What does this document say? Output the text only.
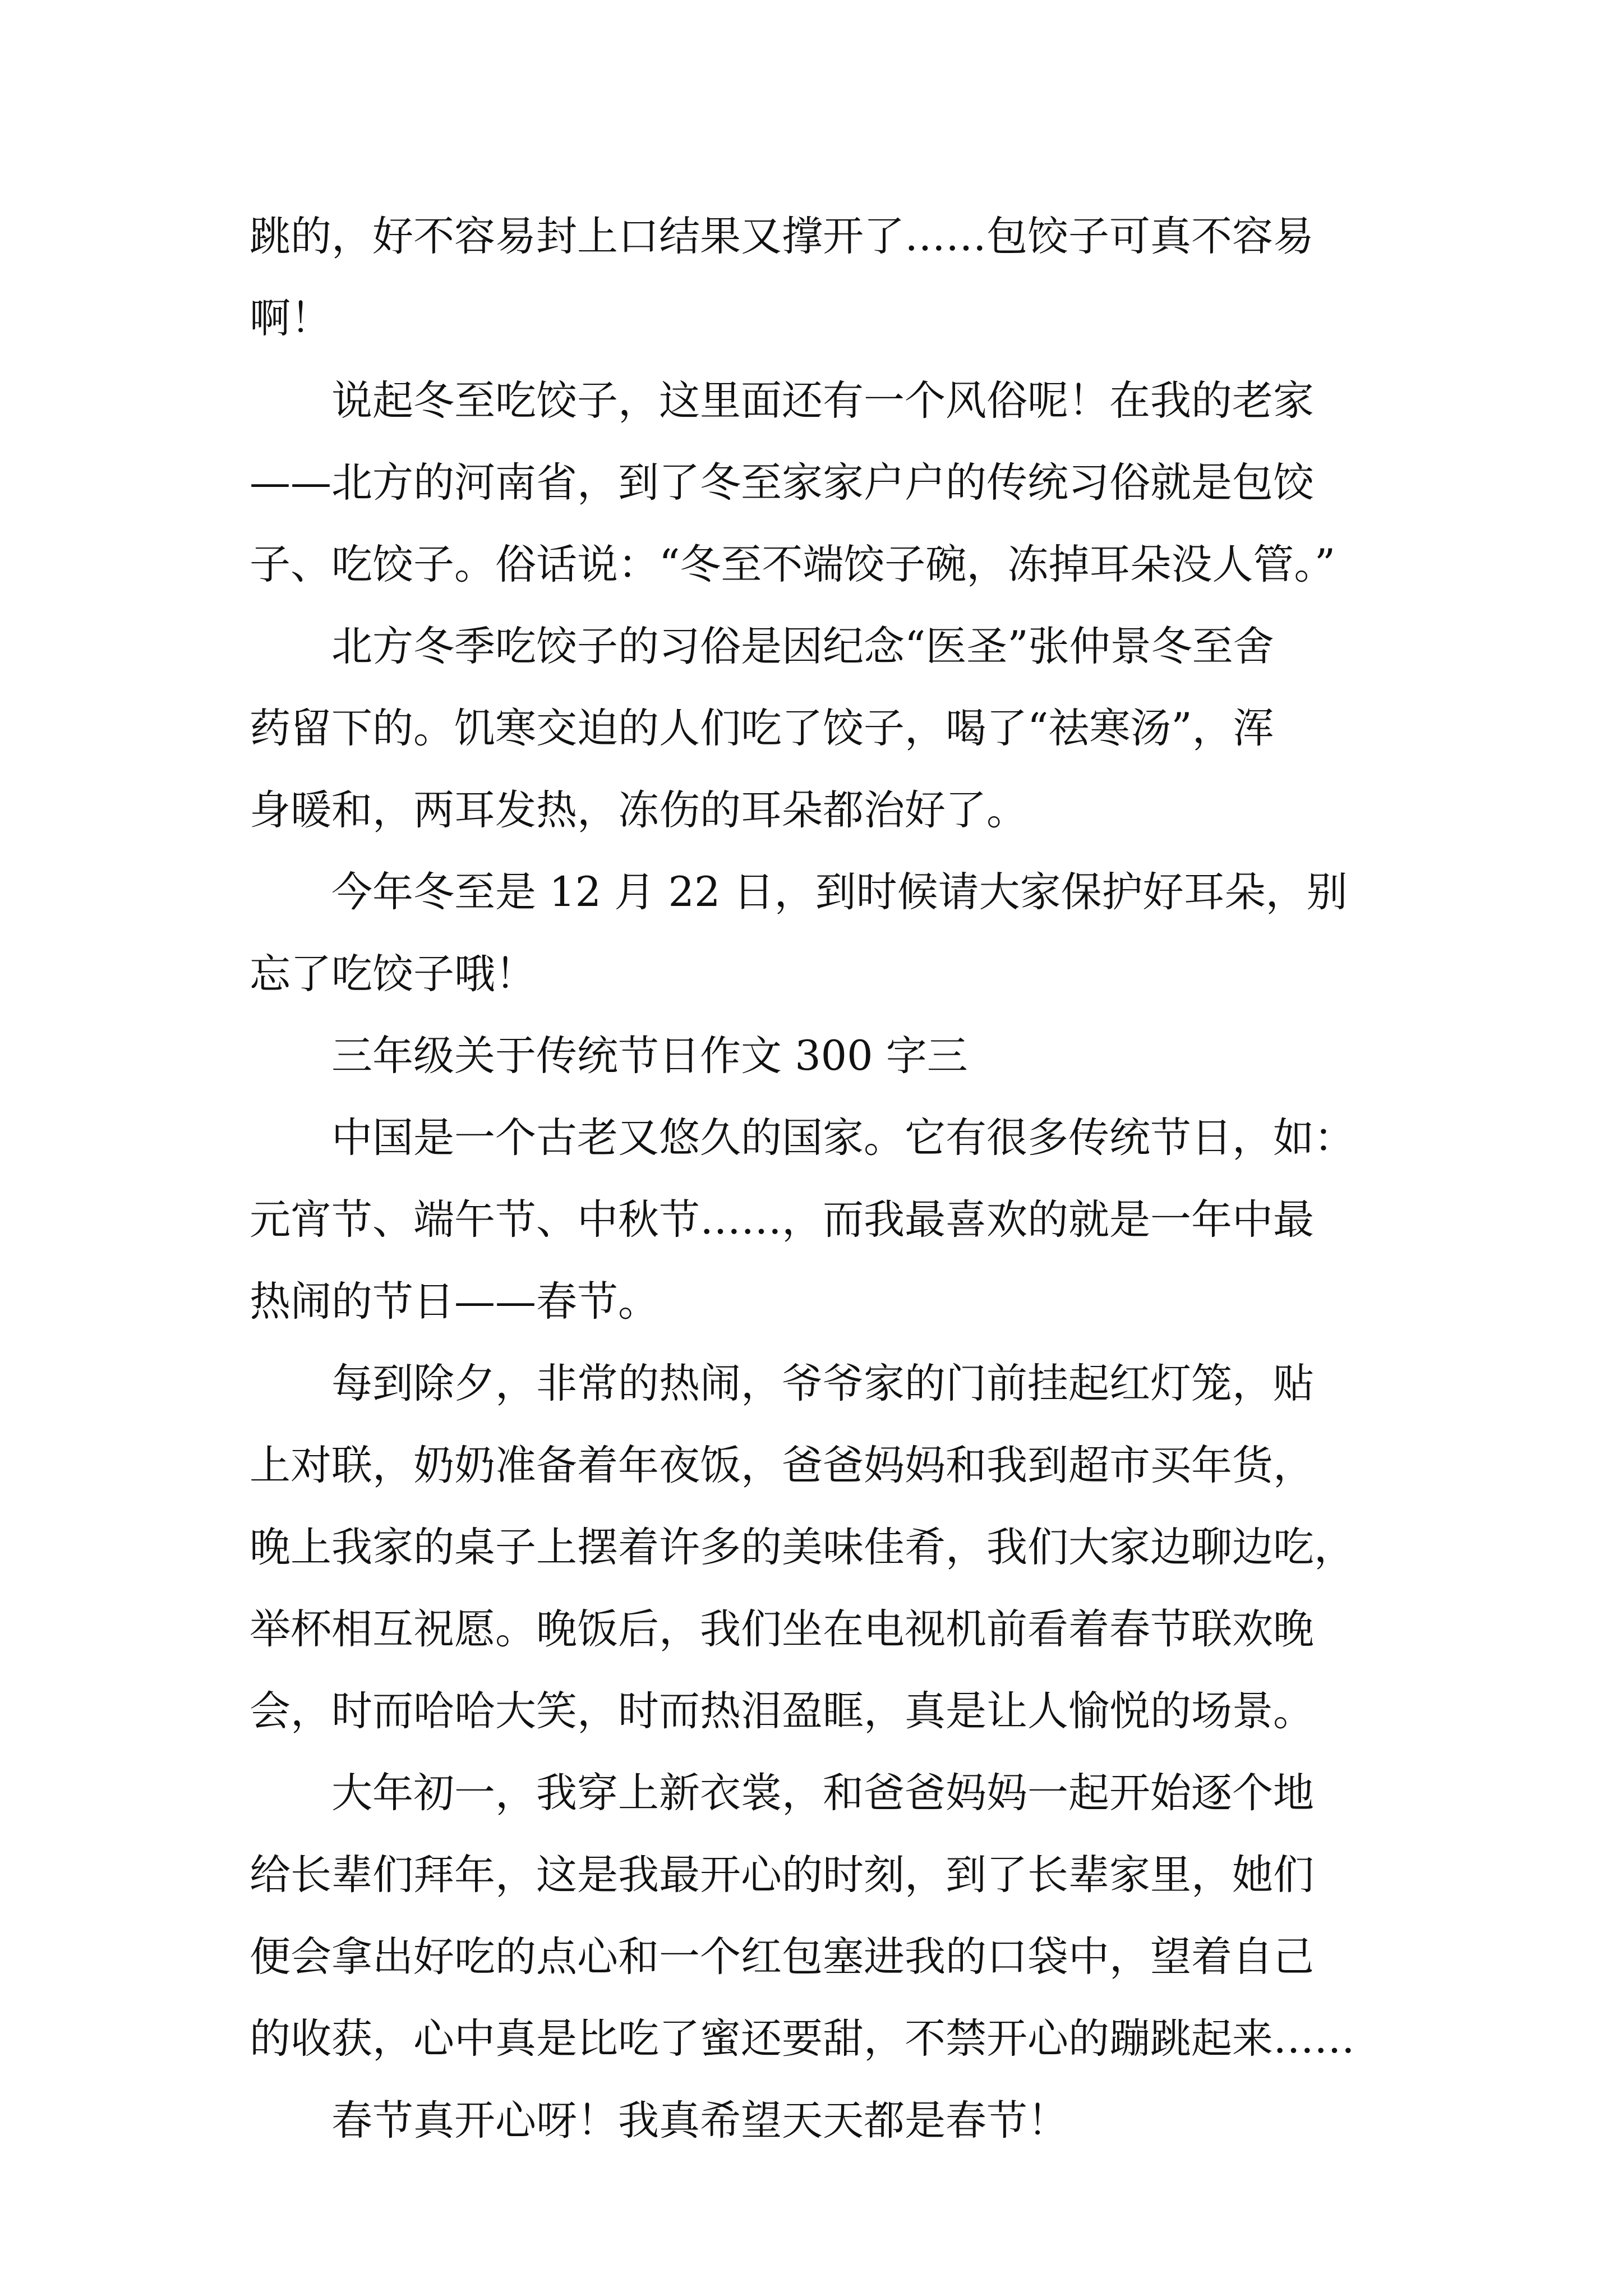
跳的，好不容易封上口结果又撑开了……包饺子可真不容易
啊！
说起冬至吃饺子，这里面还有一个风俗呢！在我的老家
——北方的河南省，到了冬至家家户户的传统习俗就是包饺
子、吃饺子。俗话说：“冬至不端饺子碗，冻掉耳朵没人管。”
北方冬季吃饺子的习俗是因纪念“医圣”张仲景冬至舍
药留下的。饥寒交迫的人们吃了饺子，喝了“祛寒汤”，浑
身暖和，两耳发热，冻伤的耳朵都治好了。
今年冬至是 12 月 22 日，到时候请大家保护好耳朵，别
忘了吃饺子哦！
三年级关于传统节日作文 300 字三
中国是一个古老又悠久的国家。它有很多传统节日，如：
元宵节、端午节、中秋节……，而我最喜欢的就是一年中最
热闹的节日——春节。
每到除夕，非常的热闹，爷爷家的门前挂起红灯笼，贴
上对联，奶奶准备着年夜饭，爸爸妈妈和我到超市买年货，
晚上我家的桌子上摆着许多的美味佳肴，我们大家边聊边吃，
举杯相互祝愿。晚饭后，我们坐在电视机前看着春节联欢晚
会，时而哈哈大笑，时而热泪盈眶，真是让人愉悦的场景。
大年初一，我穿上新衣裳，和爸爸妈妈一起开始逐个地
给长辈们拜年，这是我最开心的时刻，到了长辈家里，她们
便会拿出好吃的点心和一个红包塞进我的口袋中，望着自己
的收获，心中真是比吃了蜜还要甜，不禁开心的蹦跳起来……
春节真开心呀！我真希望天天都是春节！
